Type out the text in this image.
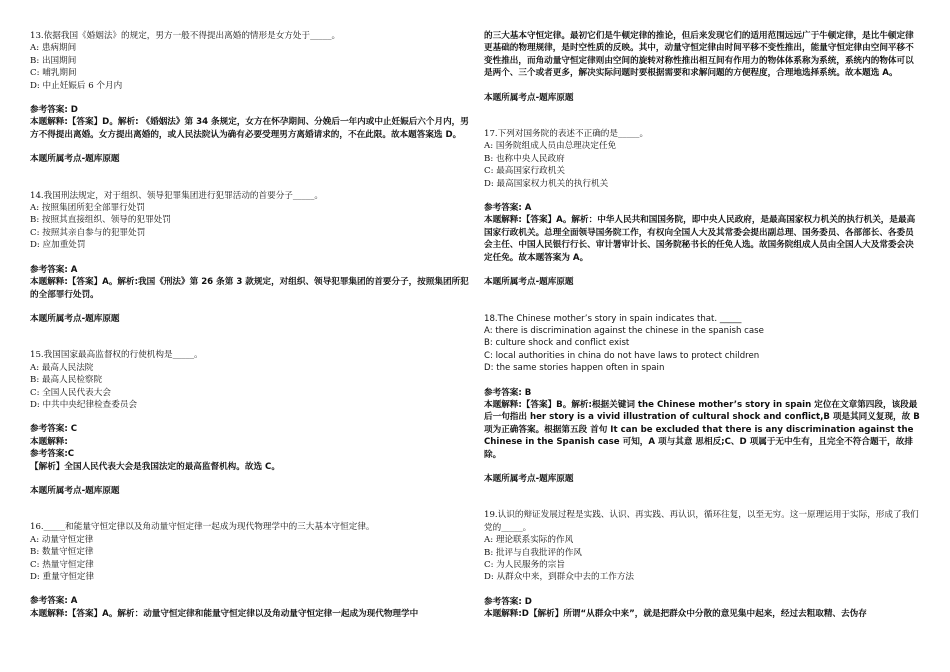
13.依据我国《婚姻法》的规定，男方一般不得提出离婚的情形是女方处于_____。
A: 患病期间
B: 出国期间
C: 哺乳期间
D: 中止妊娠后 6 个月内
参考答案: D
本题解释:【答案】D。解析: 《婚姻法》第 34 条规定，女方在怀孕期间、分娩后一年内或中止妊娠后六个月内，男方不得提出离婚。女方提出离婚的，或人民法院认为确有必要受理男方离婚请求的，不在此限。故本题答案选 D。
本题所属考点-题库原题
14.我国刑法规定，对于组织、领导犯罪集团进行犯罪活动的首要分子_____。
A: 按照集团所犯全部罪行处罚
B: 按照其直接组织、领导的犯罪处罚
C: 按照其亲自参与的犯罪处罚
D: 应加重处罚
参考答案: A
本题解释:【答案】A。解析:我国《刑法》第 26 条第 3 款规定，对组织、领导犯罪集团的首要分子，按照集团所犯的全部罪行处罚。
本题所属考点-题库原题
15.我国国家最高监督权的行使机构是_____。
A: 最高人民法院
B: 最高人民检察院
C: 全国人民代表大会
D: 中共中央纪律检查委员会
参考答案: C
本题解释:
参考答案:C
【解析】全国人民代表大会是我国法定的最高监督机构。故选 C。
本题所属考点-题库原题
16._____和能量守恒定律以及角动量守恒定律一起成为现代物理学中的三大基本守恒定律。
A: 动量守恒定律
B: 数量守恒定律
C: 热量守恒定律
D: 重量守恒定律
参考答案: A
本题解释:【答案】A。解析：动量守恒定律和能量守恒定律以及角动量守恒定律一起成为现代物理学中
的三大基本守恒定律。最初它们是牛顿定律的推论，但后来发现它们的适用范围远远广于牛顿定律，是比牛顿定律更基础的物理规律，是时空性质的反映。其中，动量守恒定律由时间平移不变性推出，能量守恒定律由空间平移不变性推出，而角动量守恒定律则由空间的旋转对称性推出相互间有作用力的物体体系称为系统，系统内的物体可以是两个、三个或者更多，解决实际问题时要根据需要和求解问题的方便程度，合理地选择系统。故本题选 A。
本题所属考点-题库原题
17.下列对国务院的表述不正确的是_____。
A: 国务院组成人员由总理决定任免
B: 也称中央人民政府
C: 最高国家行政机关
D: 最高国家权力机关的执行机关
参考答案: A
本题解释:【答案】A。解析：中华人民共和国国务院，即中央人民政府，是最高国家权力机关的执行机关，是最高国家行政机关。总理全面领导国务院工作，有权向全国人大及其常委会提出副总理、国务委员、各部部长、各委员会主任、中国人民银行行长、审计署审计长、国务院秘书长的任免人选。故国务院组成人员由全国人大及常委会决定任免。故本题答案为 A。
本题所属考点-题库原题
18.The Chinese mother’s story in spain indicates that. _____
A: there is discrimination against the chinese in the spanish case
B: culture shock and conflict exist
C: local authorities in china do not have laws to protect children
D: the same stories happen often in spain
参考答案: B
本题解释:【答案】B。解析:根据关键词 the Chinese mother’s story in spain 定位在文章第四段，该段最后一句指出 her story is a vivid illustration of cultural shock and conflict,B 项是其同义复现，故 B 项为正确答案。根据第五段 首句 It can be excluded that there is any discrimination against the Chinese in the Spanish case 可知，A 项与其意 思相反;C、D 项属于无中生有，且完全不符合题干，故排除。
本题所属考点-题库原题
19.认识的辩证发展过程是实践、认识、再实践、再认识，循环往复，以至无穷。这一原理运用于实际，形成了我们党的_____。
A: 理论联系实际的作风
B: 批评与自我批评的作风
C: 为人民服务的宗旨
D: 从群众中来，到群众中去的工作方法
参考答案: D
本题解释:D【解析】所谓“从群众中来”，就是把群众中分散的意见集中起来，经过去粗取精、去伪存
